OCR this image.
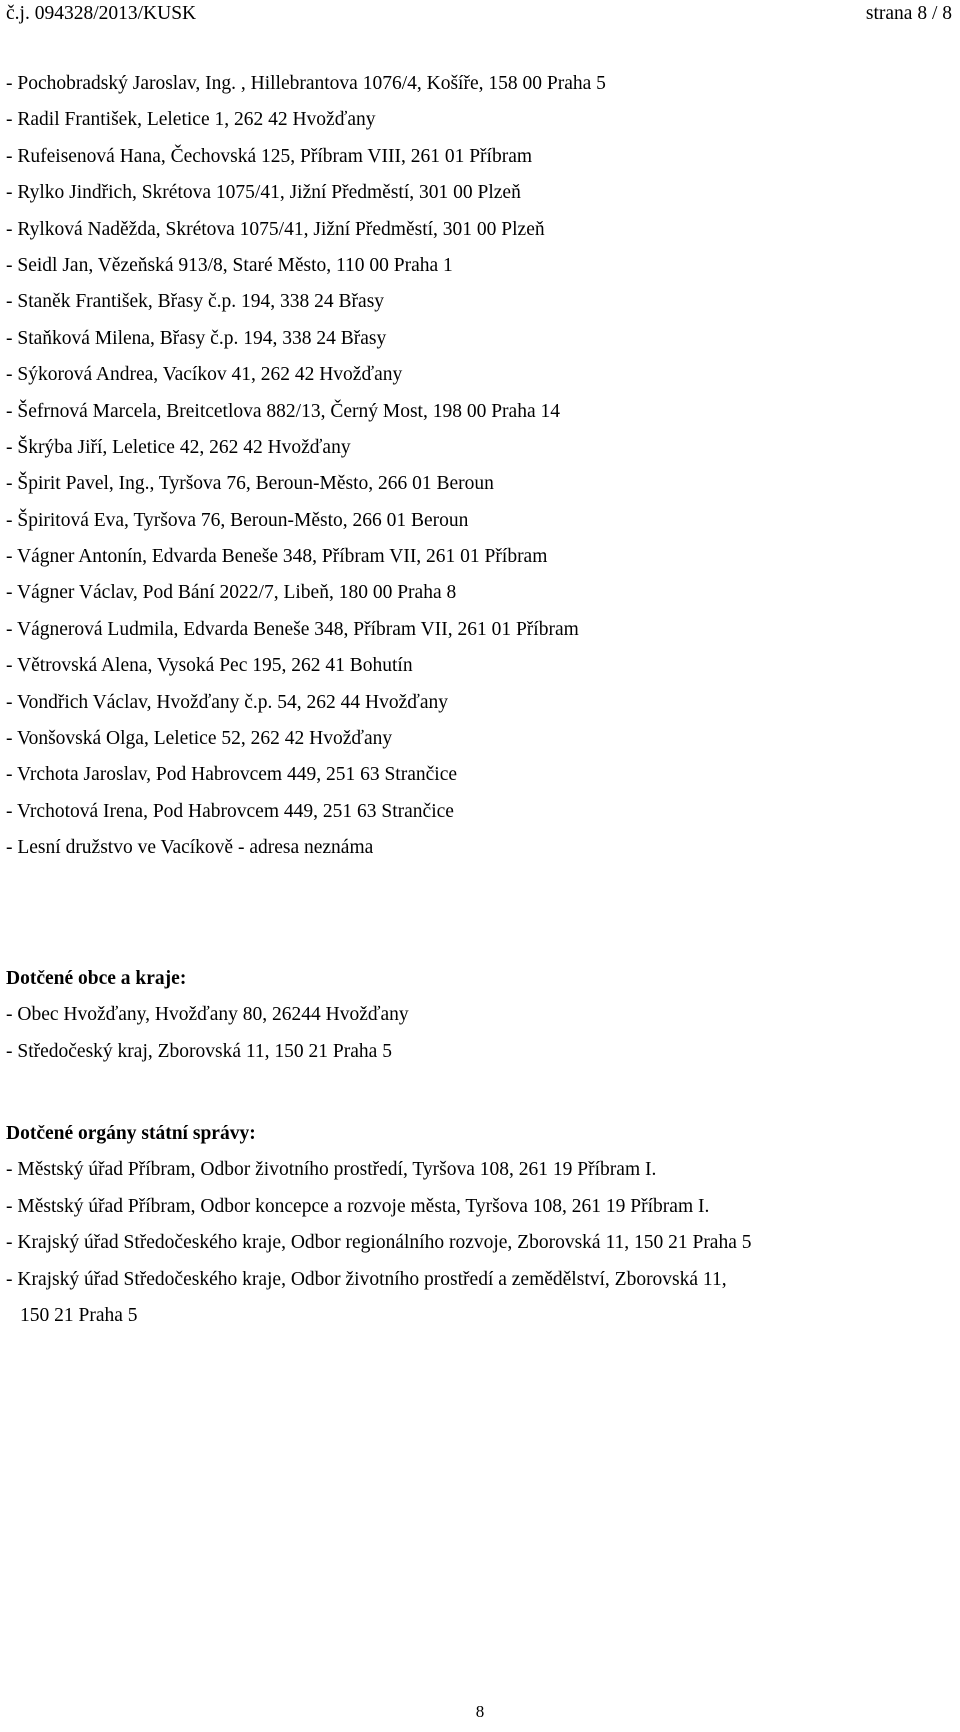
č.j. 094328/2013/KUSK	strana 8 / 8
- Pochobradský Jaroslav, Ing. , Hillebrantova 1076/4, Košíře, 158 00 Praha 5
- Radil František, Leletice 1, 262 42 Hvožďany
- Rufeisenová Hana, Čechovská 125, Příbram VIII, 261 01 Příbram
- Rylko Jindřich, Skrétova 1075/41, Jižní Předměstí, 301 00 Plzeň
- Rylková Naděžda, Skrétova 1075/41, Jižní Předměstí, 301 00 Plzeň
- Seidl Jan, Vězeňská 913/8, Staré Město, 110 00 Praha 1
- Staněk František, Břasy č.p. 194, 338 24 Břasy
- Staňková Milena, Břasy č.p. 194, 338 24 Břasy
- Sýkorová Andrea, Vacíkov 41, 262 42 Hvožďany
- Šefrnová Marcela, Breitcetlova 882/13, Černý Most, 198 00 Praha 14
- Škrýba Jiří, Leletice 42, 262 42 Hvožďany
- Špirit Pavel, Ing., Tyršova 76, Beroun-Město, 266 01 Beroun
- Špiritová Eva, Tyršova 76, Beroun-Město, 266 01 Beroun
- Vágner Antonín, Edvarda Beneše 348, Příbram VII, 261 01 Příbram
- Vágner Václav, Pod Bání 2022/7, Libeň, 180 00 Praha 8
- Vágnerová Ludmila, Edvarda Beneše 348, Příbram VII, 261 01 Příbram
- Větrovská Alena, Vysoká Pec 195, 262 41 Bohutín
- Vondřich Václav, Hvožďany č.p. 54, 262 44 Hvožďany
- Vonšovská Olga, Leletice 52, 262 42 Hvožďany
- Vrchota Jaroslav, Pod Habrovcem 449, 251 63 Strančice
- Vrchotová Irena, Pod Habrovcem 449, 251 63 Strančice
- Lesní družstvo ve Vacíkově - adresa neznáma
Dotčené obce a kraje:
- Obec Hvožďany, Hvožďany 80, 26244 Hvožďany
- Středočeský kraj, Zborovská 11, 150 21 Praha 5
Dotčené orgány státní správy:
- Městský úřad Příbram, Odbor životního prostředí, Tyršova 108, 261 19 Příbram I.
- Městský úřad Příbram, Odbor koncepce a rozvoje města, Tyršova 108, 261 19 Příbram I.
- Krajský úřad Středočeského kraje, Odbor regionálního rozvoje, Zborovská 11, 150 21 Praha 5
- Krajský úřad Středočeského kraje, Odbor životního prostředí a zemědělství, Zborovská 11,
150 21 Praha 5
8
